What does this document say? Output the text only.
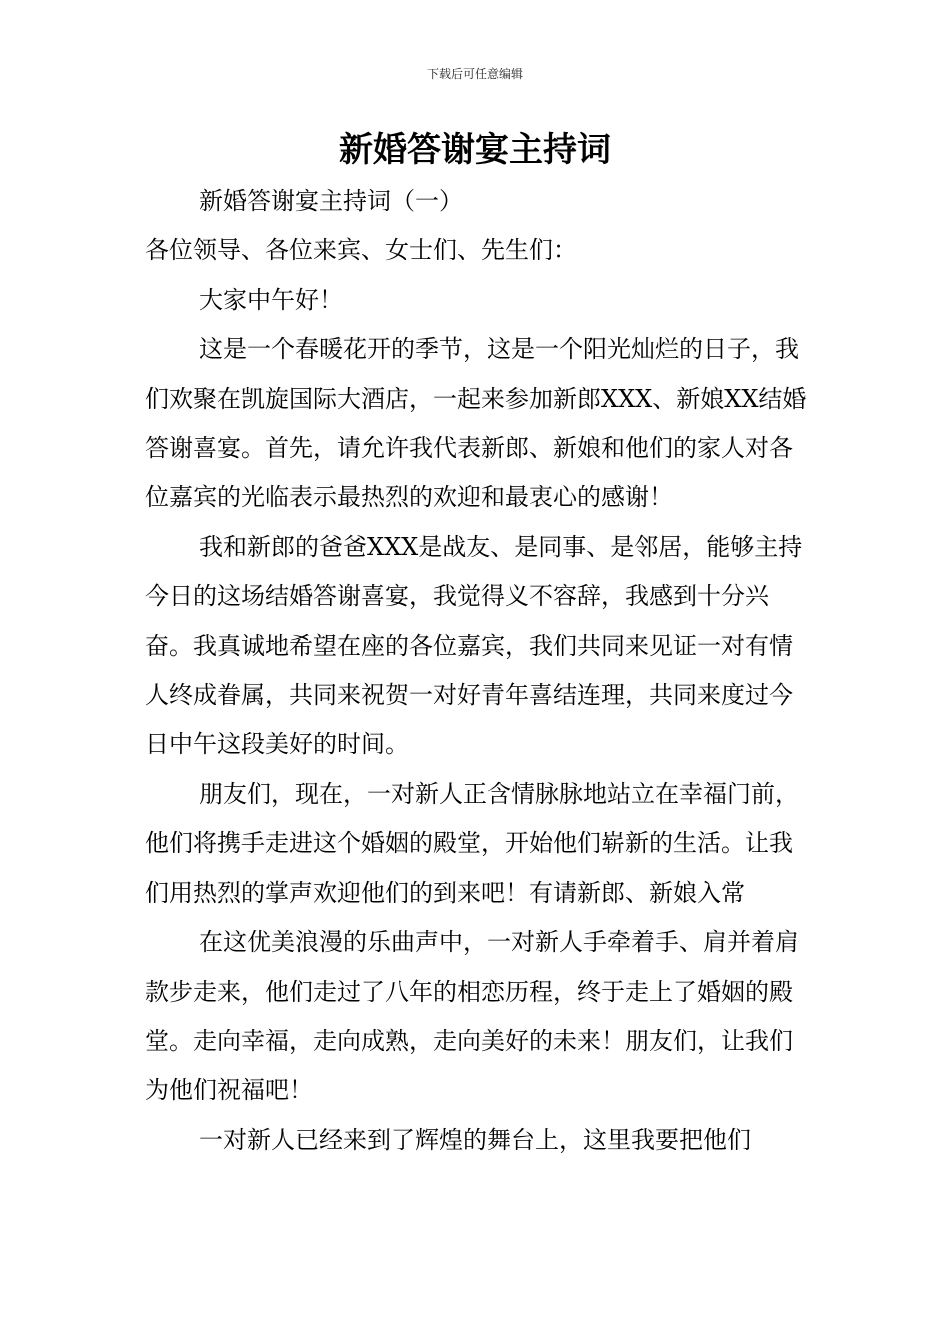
下载后可任意编辑
新婚答谢宴主持词

新婚答谢宴主持词（一）

各位领导、各位来宾、女士们、先生们：

大家中午好！

这是一个春暖花开的季节，这是一个阳光灿烂的日子，我们欢聚在凯旋国际大酒店，一起来参加新郎XXX、新娘XX结婚答谢喜宴。首先，请允许我代表新郎、新娘和他们的家人对各位嘉宾的光临表示最热烈的欢迎和最衷心的感谢！

我和新郎的爸爸XXX是战友、是同事、是邻居，能够主持今日的这场结婚答谢喜宴，我觉得义不容辞，我感到十分兴奋。我真诚地希望在座的各位嘉宾，我们共同来见证一对有情人终成眷属，共同来祝贺一对好青年喜结连理，共同来度过今日中午这段美好的时间。

朋友们，现在，一对新人正含情脉脉地站立在幸福门前，他们将携手走进这个婚姻的殿堂，开始他们崭新的生活。让我们用热烈的掌声欢迎他们的到来吧！有请新郎、新娘入常

在这优美浪漫的乐曲声中，一对新人手牵着手、肩并着肩款步走来，他们走过了八年的相恋历程，终于走上了婚姻的殿堂。走向幸福，走向成熟，走向美好的未来！朋友们，让我们为他们祝福吧！

一对新人已经来到了辉煌的舞台上，这里我要把他们
